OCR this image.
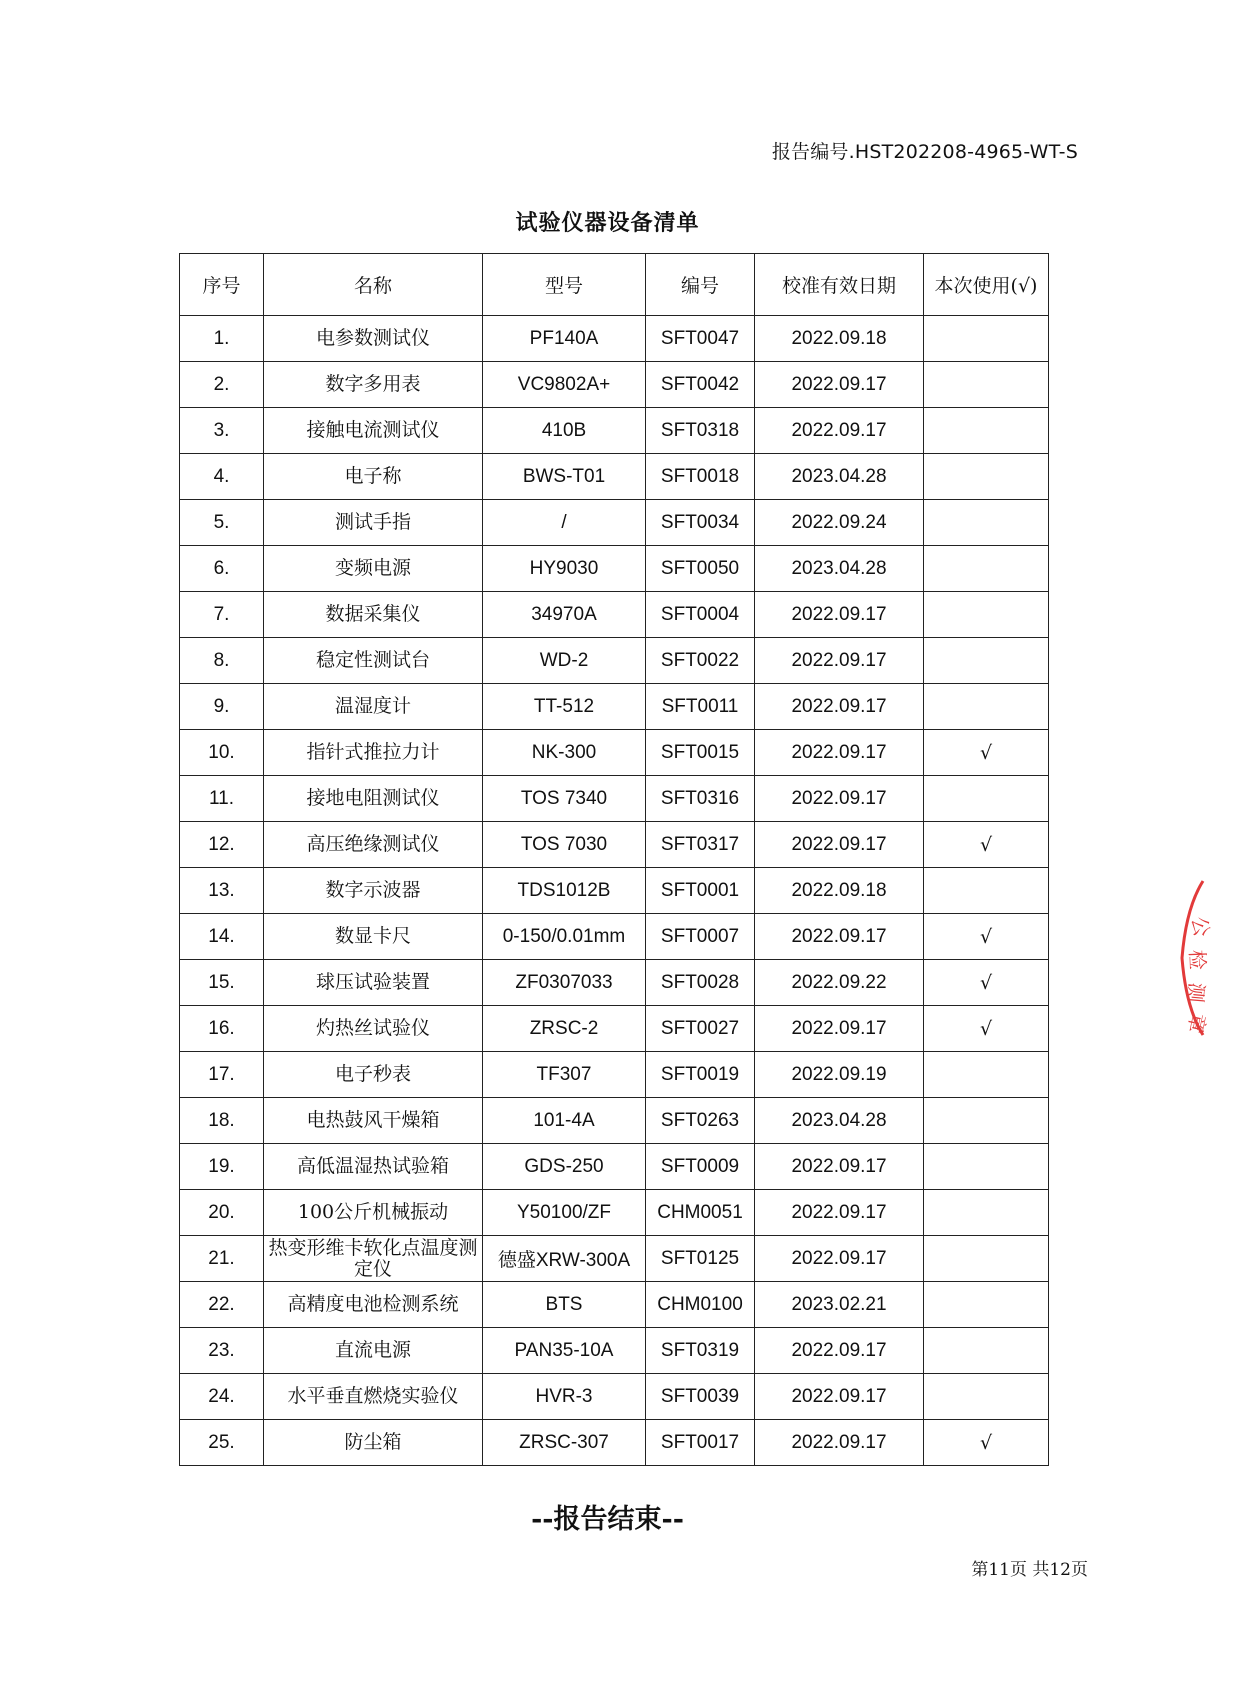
报告编号.HST202208-4965-WT-S
试验仪器设备清单
序号	名称	型号	编号	校准有效日期	本次使用(√)
1.	电参数测试仪	PF140A	SFT0047	2022.09.18	
2.	数字多用表	VC9802A+	SFT0042	2022.09.17	
3.	接触电流测试仪	410B	SFT0318	2022.09.17	
4.	电子称	BWS-T01	SFT0018	2023.04.28	
5.	测试手指	/	SFT0034	2022.09.24	
6.	变频电源	HY9030	SFT0050	2023.04.28	
7.	数据采集仪	34970A	SFT0004	2022.09.17	
8.	稳定性测试台	WD-2	SFT0022	2022.09.17	
9.	温湿度计	TT-512	SFT0011	2022.09.17	
10.	指针式推拉力计	NK-300	SFT0015	2022.09.17	√
11.	接地电阻测试仪	TOS 7340	SFT0316	2022.09.17	
12.	高压绝缘测试仪	TOS 7030	SFT0317	2022.09.17	√
13.	数字示波器	TDS1012B	SFT0001	2022.09.18	
14.	数显卡尺	0-150/0.01mm	SFT0007	2022.09.17	√
15.	球压试验装置	ZF0307033	SFT0028	2022.09.22	√
16.	灼热丝试验仪	ZRSC-2	SFT0027	2022.09.17	√
17.	电子秒表	TF307	SFT0019	2022.09.19	
18.	电热鼓风干燥箱	101-4A	SFT0263	2023.04.28	
19.	高低温湿热试验箱	GDS-250	SFT0009	2022.09.17	
20.	100公斤机械振动	Y50100/ZF	CHM0051	2022.09.17	
21.	热变形维卡软化点温度测定仪	德盛XRW-300A	SFT0125	2022.09.17	
22.	高精度电池检测系统	BTS	CHM0100	2023.02.21	
23.	直流电源	PAN35-10A	SFT0319	2022.09.17	
24.	水平垂直燃烧实验仪	HVR-3	SFT0039	2022.09.17	
25.	防尘箱	ZRSC-307	SFT0017	2022.09.17	√
--报告结束--
第11页 共12页
公
检
测
章
